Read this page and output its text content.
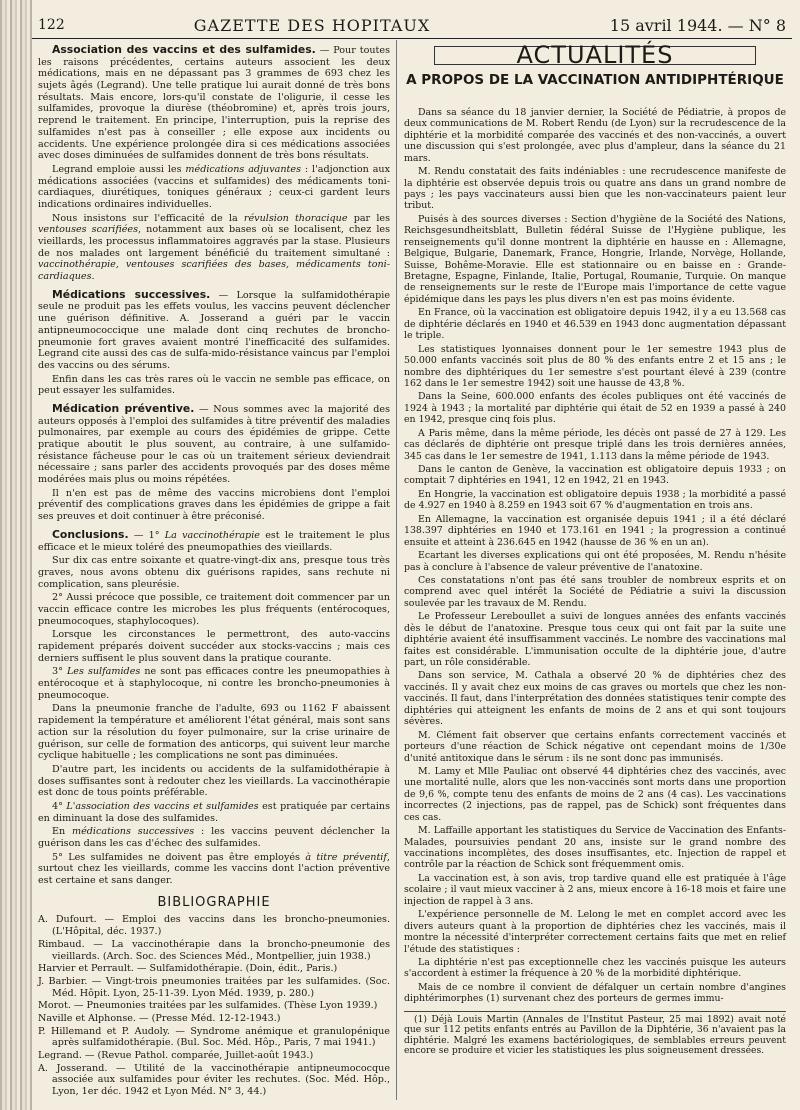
122	GAZETTE DES HOPITAUX	15 avril 1944. — N° 8

Association des vaccins et des sulfamides. — Pour toutes les raisons précédentes, certains auteurs associent les deux médications, mais en ne dépassant pas 3 grammes de 693 chez les sujets âgés (Legrand). Une telle pratique lui aurait donné de très bons résultats. Mais encore, lors-qu'il constate de l'oligurie, il cesse les sulfamides, provoque la diurèse (théobromine) et, après trois jours, reprend le traitement. En principe, l'interruption, puis la reprise des sulfamides n'est pas à conseiller ; elle expose aux incidents ou accidents. Une expérience prolongée dira si ces médications associées avec doses diminuées de sulfamides donnent de très bons résultats.

Legrand emploie aussi les médications adjuvantes : l'adjonction aux médications associées (vaccins et sulfamides) des médicaments toni-cardiaques, diurétiques, toniques généraux ; ceux-ci gardent leurs indications ordinaires individuelles.

Nous insistons sur l'efficacité de la révulsion thoracique par les ventouses scarifiées, notamment aux bases où se localisent, chez les vieillards, les processus inflammatoires aggravés par la stase. Plusieurs de nos malades ont largement bénéficié du traitement simultané : vaccinothérapie, ventouses scarifiées des bases, médicaments toni-cardiaques.

Médications successives. — Lorsque la sulfamidothérapie seule ne produit pas les effets voulus, les vaccins peuvent déclencher une guérison définitive. A. Josserand a guéri par le vaccin antipneumococcique une malade dont cinq rechutes de broncho-pneumonie fort graves avaient montré l'inefficacité des sulfamides. Legrand cite aussi des cas de sulfa-mido-résistance vaincus par l'emploi des vaccins ou des sérums.

Enfin dans les cas très rares où le vaccin ne semble pas efficace, on peut essayer les sulfamides.

Médication préventive. — Nous sommes avec la majorité des auteurs opposés à l'emploi des sulfamides à titre préventif des maladies pulmonaires, par exemple au cours des épidémies de grippe. Cette pratique aboutit le plus souvent, au contraire, à une sulfamido-résistance fâcheuse pour le cas où un traitement sérieux deviendrait nécessaire ; sans parler des accidents provoqués par des doses même modérées mais plus ou moins répétées.

Il n'en est pas de même des vaccins microbiens dont l'emploi préventif des complications graves dans les épidémies de grippe a fait ses preuves et doit continuer à être préconisé.

Conclusions. — 1° La vaccinothérapie est le traitement le plus efficace et le mieux toléré des pneumopathies des vieillards.

Sur dix cas entre soixante et quatre-vingt-dix ans, presque tous très graves, nous avons obtenu dix guérisons rapides, sans rechute ni complication, sans pleurésie.

2° Aussi précoce que possible, ce traitement doit commencer par un vaccin efficace contre les microbes les plus fréquents (entérocoques, pneumocoques, staphylocoques).

Lorsque les circonstances le permettront, des auto-vaccins rapidement préparés doivent succéder aux stocks-vaccins ; mais ces derniers suffisent le plus souvent dans la pratique courante.

3° Les sulfamides ne sont pas efficaces contre les pneumopathies à entérocoque et à staphylocoque, ni contre les broncho-pneumonies à pneumocoque.

Dans la pneumonie franche de l'adulte, 693 ou 1162 F abaissent rapidement la température et améliorent l'état général, mais sont sans action sur la résolution du foyer pulmonaire, sur la crise urinaire de guérison, sur celle de formation des anticorps, qui suivent leur marche cyclique habituelle ; les complications ne sont pas diminuées.

D'autre part, les incidents ou accidents de la sulfamidothérapie à doses suffisantes sont à redouter chez les vieillards. La vaccinothérapie est donc de tous points préférable.

4° L'association des vaccins et sulfamides est pratiquée par certains en diminuant la dose des sulfamides.

En médications successives : les vaccins peuvent déclencher la guérison dans les cas d'échec des sulfamides.

5° Les sulfamides ne doivent pas être employés à titre préventif, surtout chez les vieillards, comme les vaccins dont l'action préventive est certaine et sans danger.

BIBLIOGRAPHIE

A. Dufourt. — Emploi des vaccins dans les broncho-pneumonies. (L'Hôpital, déc. 1937.)

Rimbaud. — La vaccinothérapie dans la broncho-pneumonie des vieillards. (Arch. Soc. des Sciences Méd., Montpellier, juin 1938.)

Harvier et Perrault. — Sulfamidothérapie. (Doin, édit., Paris.)

J. Barbier. — Vingt-trois pneumonies traitées par les sulfamides. (Soc. Méd. Hôpit. Lyon, 25-11-39. Lyon Méd. 1939, p. 280.)

Morot. — Pneumonies traitées par les sulfamides. (Thèse Lyon 1939.)

Naville et Alphonse. — (Presse Méd. 12-12-1943.)

P. Hillemand et P. Audoly. — Syndrome anémique et granulopénique après sulfamidothérapie. (Bul. Soc. Méd. Hôp., Paris, 7 mai 1941.)

Legrand. — (Revue Pathol. comparée, Juillet-août 1943.)

A. Josserand. — Utilité de la vaccinothérapie antipneumococque associée aux sulfamides pour éviter les rechutes. (Soc. Méd. Hôp., Lyon, 1er déc. 1942 et Lyon Méd. N° 3, 44.)

ACTUALITÉS
A PROPOS DE LA VACCINATION ANTIDIPHTÉRIQUE

Dans sa séance du 18 janvier dernier, la Société de Pédiatrie, à propos de deux communications de M. Robert Rendu (de Lyon) sur la recrudescence de la diphtérie et la morbidité comparée des vaccinés et des non-vaccinés, a ouvert une discussion qui s'est prolongée, avec plus d'ampleur, dans la séance du 21 mars.

M. Rendu constatait des faits indéniables : une recrudescence manifeste de la diphtérie est observée depuis trois ou quatre ans dans un grand nombre de pays ; les pays vaccinateurs aussi bien que les non-vaccinateurs paient leur tribut.

Puisés à des sources diverses : Section d'hygiène de la Société des Nations, Reichsgesundheitsblatt, Bulletin fédéral Suisse de l'Hygiène publique, les renseignements qu'il donne montrent la diphtérie en hausse en : Allemagne, Belgique, Bulgarie, Danemark, France, Hongrie, Irlande, Norvège, Hollande, Suisse, Bohême-Moravie. Elle est stationnaire ou en baisse en : Grande-Bretagne, Espagne, Finlande, Italie, Portugal, Roumanie, Turquie. On manque de renseignements sur le reste de l'Europe mais l'importance de cette vague épidémique dans les pays les plus divers n'en est pas moins évidente.

En France, où la vaccination est obligatoire depuis 1942, il y a eu 13.568 cas de diphtérie déclarés en 1940 et 46.539 en 1943 donc augmentation dépassant le triple.

Les statistiques lyonnaises donnent pour le 1er semestre 1943 plus de 50.000 enfants vaccinés soit plus de 80 % des enfants entre 2 et 15 ans ; le nombre des diphtériques du 1er semestre s'est pourtant élevé à 239 (contre 162 dans le 1er semestre 1942) soit une hausse de 43,8 %.

Dans la Seine, 600.000 enfants des écoles publiques ont été vaccinés de 1924 à 1943 ; la mortalité par diphtérie qui était de 52 en 1939 a passé à 240 en 1942, presque cinq fois plus.

A Paris même, dans la même période, les décès ont passé de 27 à 129. Les cas déclarés de diphtérie ont presque triplé dans les trois dernières années, 345 cas dans le 1er semestre de 1941, 1.113 dans la même période de 1943.

Dans le canton de Genève, la vaccination est obligatoire depuis 1933 ; on comptait 7 diphtéries en 1941, 12 en 1942, 21 en 1943.

En Hongrie, la vaccination est obligatoire depuis 1938 ; la morbidité a passé de 4.927 en 1940 à 8.259 en 1943 soit 67 % d'augmentation en trois ans.

En Allemagne, la vaccination est organisée depuis 1941 ; il a été déclaré 138.397 diphtéries en 1940 et 173.161 en 1941 ; la progression a continué ensuite et atteint à 236.645 en 1942 (hausse de 36 % en un an).

Ecartant les diverses explications qui ont été proposées, M. Rendu n'hésite pas à conclure à l'absence de valeur préventive de l'anatoxine.

Ces constatations n'ont pas été sans troubler de nombreux esprits et on comprend avec quel intérêt la Société de Pédiatrie a suivi la discussion soulevée par les travaux de M. Rendu.

Le Professeur Lereboullet a suivi de longues années des enfants vaccinés dès le début de l'anatoxine. Presque tous ceux qui ont fait par la suite une diphtérie avaient été insuffisamment vaccinés. Le nombre des vaccinations mal faites est considérable. L'immunisation occulte de la diphtérie joue, d'autre part, un rôle considérable.

Dans son service, M. Cathala a observé 20 % de diphtéries chez des vaccinés. Il y avait chez eux moins de cas graves ou mortels que chez les non-vaccinés. Il faut, dans l'interprétation des données statistiques tenir compte des diphtéries qui atteignent les enfants de moins de 2 ans et qui sont toujours sévères.

M. Clément fait observer que certains enfants correctement vaccinés et porteurs d'une réaction de Schick négative ont cependant moins de 1/30e d'unité antitoxique dans le sérum : ils ne sont donc pas immunisés.

M. Lamy et Mlle Pauliac ont observé 44 diphtéries chez des vaccinés, avec une mortalité nulle, alors que les non-vaccinés sont morts dans une proportion de 9,6 %, compte tenu des enfants de moins de 2 ans (4 cas). Les vaccinations incorrectes (2 injections, pas de rappel, pas de Schick) sont fréquentes dans ces cas.

M. Laffaille apportant les statistiques du Service de Vaccination des Enfants-Malades, poursuivies pendant 20 ans, insiste sur le grand nombre des vaccinations incomplètes, des doses insuffisantes, etc. Injection de rappel et contrôle par la réaction de Schick sont fréquemment omis.

La vaccination est, à son avis, trop tardive quand elle est pratiquée à l'âge scolaire ; il vaut mieux vacciner à 2 ans, mieux encore à 16-18 mois et faire une injection de rappel à 3 ans.

L'expérience personnelle de M. Lelong le met en complet accord avec les divers auteurs quant à la proportion de diphtéries chez les vaccinés, mais il montre la nécessité d'interpréter correctement certains faits que met en relief l'étude des statistiques :

La diphtérie n'est pas exceptionnelle chez les vaccinés puisque les auteurs s'accordent à estimer la fréquence à 20 % de la morbidité diphtérique.

Mais de ce nombre il convient de défalquer un certain nombre d'angines diphtérimorphes (1) survenant chez des porteurs de germes immu-

(1) Déjà Louis Martin (Annales de l'Institut Pasteur, 25 mai 1892) avait noté que sur 112 petits enfants entrés au Pavillon de la Diphtérie, 36 n'avaient pas la diphtérie. Malgré les examens bactériologiques, de semblables erreurs peuvent encore se produire et vicier les statistiques les plus soigneusement dressées.
